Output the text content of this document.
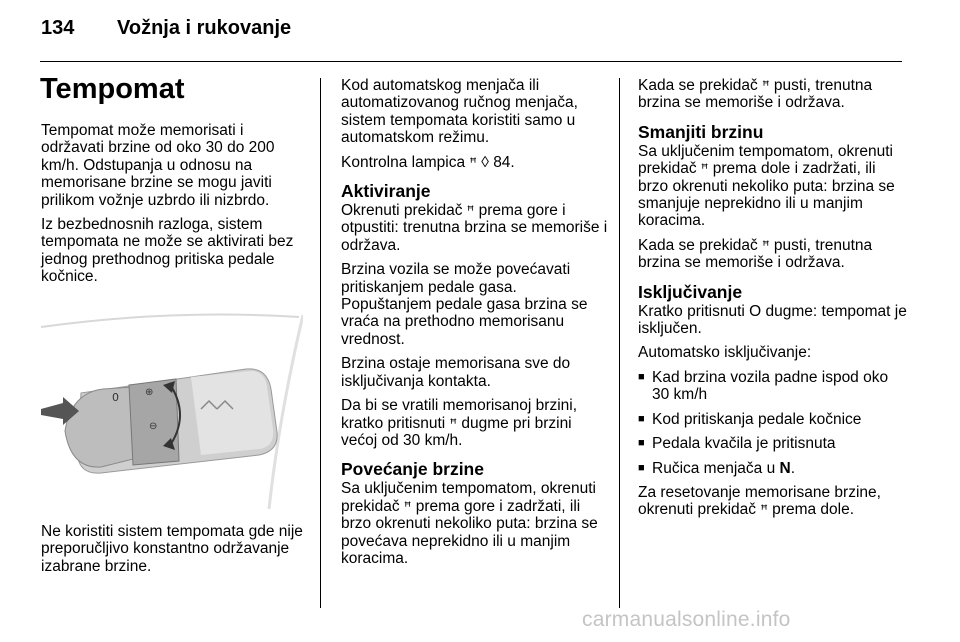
134 Vožnja i rukovanje
Tempomat

Tempomat može memorisati i održavati brzine od oko 30 do 200 km/h. Odstupanja u odnosu na memorisane brzine se mogu javiti prilikom vožnje uzbrdo ili nizbrdo.

Iz bezbednosnih razloga, sistem tempomata ne može se aktivirati bez jednog prethodnog pritiska pedale kočnice.

0	⊕
⊖
Ne koristiti sistem tempomata gde nije preporučljivo konstantno održavanje izabrane brzine.

Kod automatskog menjača ili automatizovanog ručnog menjača, sistem tempomata koristiti samo u automatskom režimu.

Kontrolna lampica ꟸ ◊ 84.

Aktiviranje

Okrenuti prekidač ꟸ prema gore i otpustiti: trenutna brzina se memoriše i održava.

Brzina vozila se može povećavati pritiskanjem pedale gasa. Popuštanjem pedale gasa brzina se vraća na prethodno memorisanu vrednost.

Brzina ostaje memorisana sve do isključivanja kontakta.

Da bi se vratili memorisanoj brzini, kratko pritisnuti ꟸ dugme pri brzini većoj od 30 km/h.

Povećanje brzine

Sa uključenim tempomatom, okrenuti prekidač ꟸ prema gore i zadržati, ili brzo okrenuti nekoliko puta: brzina se povećava neprekidno ili u manjim koracima.

Kada se prekidač ꟸ pusti, trenutna brzina se memoriše i održava.

Smanjiti brzinu

Sa uključenim tempomatom, okrenuti prekidač ꟸ prema dole i zadržati, ili brzo okrenuti nekoliko puta: brzina se smanjuje neprekidno ili u manjim koracima.

Kada se prekidač ꟸ pusti, trenutna brzina se memoriše i održava.

Isključivanje

Kratko pritisnuti O dugme: tempomat je isključen.

Automatsko isključivanje:

■ Kad brzina vozila padne ispod oko 30 km/h
■ Kod pritiskanja pedale kočnice
■ Pedala kvačila je pritisnuta
■ Ručica menjača u N.

Za resetovanje memorisane brzine, okrenuti prekidač ꟸ prema dole.

carmanualsonline.info
